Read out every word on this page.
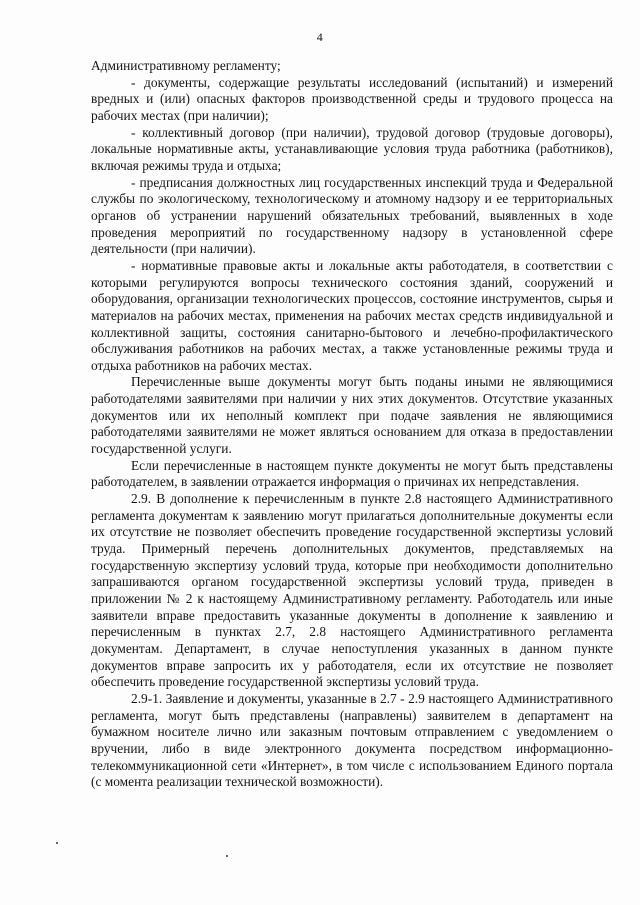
4

Административному регламенту;

- документы, содержащие результаты исследований (испытаний) и измерений вредных и (или) опасных факторов производственной среды и трудового процесса на рабочих местах (при наличии);

- коллективный договор (при наличии), трудовой договор (трудовые договоры), локальные нормативные акты, устанавливающие условия труда работника (работников), включая режимы труда и отдыха;

- предписания должностных лиц государственных инспекций труда и Федеральной службы по экологическому, технологическому и атомному надзору и ее территориальных органов об устранении нарушений обязательных требований, выявленных в ходе проведения мероприятий по государственному надзору в установленной сфере деятельности (при наличии).

- нормативные правовые акты и локальные акты работодателя, в соответствии с которыми регулируются вопросы технического состояния зданий, сооружений и оборудования, организации технологических процессов, состояние инструментов, сырья и материалов на рабочих местах, применения на рабочих местах средств индивидуальной и коллективной защиты, состояния санитарно-бытового и лечебно-профилактического обслуживания работников на рабочих местах, а также установленные режимы труда и отдыха работников на рабочих местах.

Перечисленные выше документы могут быть поданы иными не являющимися работодателями заявителями при наличии у них этих документов. Отсутствие указанных документов или их неполный комплект при подаче заявления не являющимися работодателями заявителями не может являться основанием для отказа в предоставлении государственной услуги.

Если перечисленные в настоящем пункте документы не могут быть представлены работодателем, в заявлении отражается информация о причинах их непредставления.

2.9. В дополнение к перечисленным в пункте 2.8 настоящего Административного регламента документам к заявлению могут прилагаться дополнительные документы если их отсутствие не позволяет обеспечить проведение государственной экспертизы условий труда. Примерный перечень дополнительных документов, представляемых на государственную экспертизу условий труда, которые при необходимости дополнительно запрашиваются органом государственной экспертизы условий труда, приведен в приложении № 2 к настоящему Административному регламенту. Работодатель или иные заявители вправе предоставить указанные документы в дополнение к заявлению и перечисленным в пунктах 2.7, 2.8 настоящего Административного регламента документам. Департамент, в случае непоступления указанных в данном пункте документов вправе запросить их у работодателя, если их отсутствие не позволяет обеспечить проведение государственной экспертизы условий труда.

2.9-1. Заявление и документы, указанные в 2.7 - 2.9 настоящего Административного регламента, могут быть представлены (направлены) заявителем в департамент на бумажном носителе лично или заказным почтовым отправлением с уведомлением о вручении, либо в виде электронного документа посредством информационно-телекоммуникационной сети «Интернет», в том числе с использованием Единого портала (с момента реализации технической возможности).
